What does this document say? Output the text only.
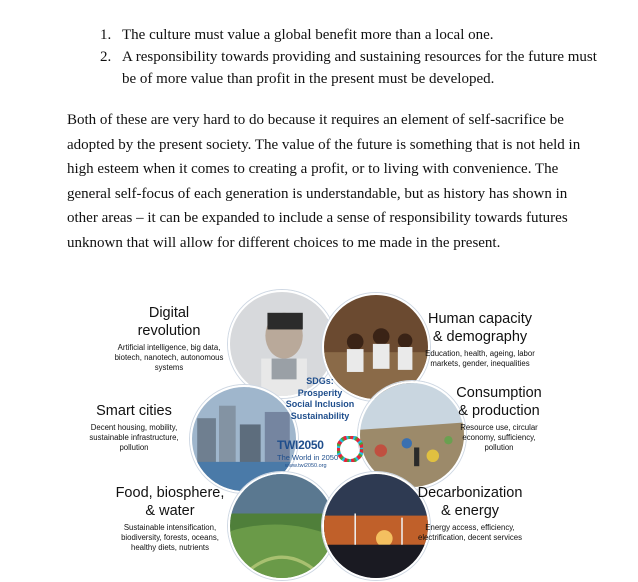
1. The culture must value a global benefit more than a local one.
2. A responsibility towards providing and sustaining resources for the future must be of more value than profit in the present must be developed.

Both of these are very hard to do because it requires an element of self-sacrifice be adopted by the present society. The value of the future is something that is not held in high esteem when it comes to creating a profit, or to living with convenience. The general self-focus of each generation is understandable, but as history has shown in other areas – it can be expanded to include a sense of responsibility towards futures unknown that will allow for different choices to me made in the present.

SDGs:
Prosperity
Social Inclusion
Sustainability
TWI2050
The World in 2050
www.twi2050.org
Digital
revolution
Artificial intelligence, big data, biotech, nanotech, autonomous systems
Human capacity
& demography
Education, health, ageing, labor markets, gender, inequalities
Smart cities
Decent housing, mobility, sustainable infrastructure, pollution
Consumption
& production
Resource use, circular economy, sufficiency, pollution
Food, biosphere,
& water
Sustainable intensification, biodiversity, forests, oceans, healthy diets, nutrients
Decarbonization
& energy
Energy access, efficiency, electrification, decent services
